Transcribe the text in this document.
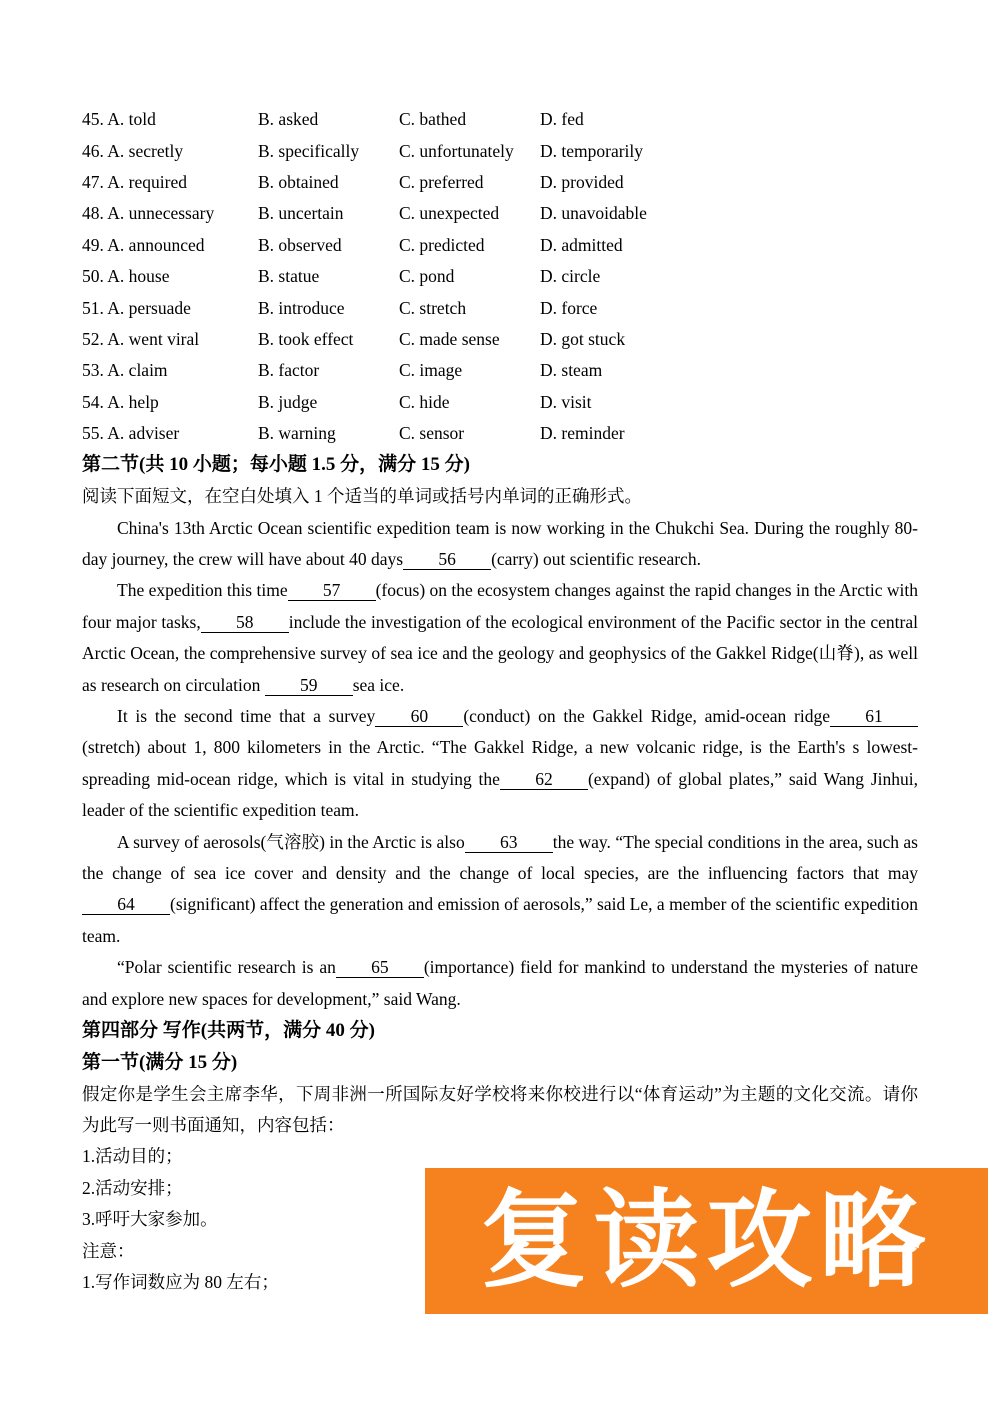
45. A. told	B. asked	C. bathed	D. fed
46. A. secretly	B. specifically	C. unfortunately	D. temporarily
47. A. required	B. obtained	C. preferred	D. provided
48. A. unnecessary	B. uncertain	C. unexpected	D. unavoidable
49. A. announced	B. observed	C. predicted	D. admitted
50. A. house	B. statue	C. pond	D. circle
51. A. persuade	B. introduce	C. stretch	D. force
52. A. went viral	B. took effect	C. made sense	D. got stuck
53. A. claim	B. factor	C. image	D. steam
54. A. help	B. judge	C. hide	D. visit
55. A. adviser	B. warning	C. sensor	D. reminder
第二节(共 10 小题；每小题 1.5 分，满分 15 分)
阅读下面短文，在空白处填入 1 个适当的单词或括号内单词的正确形式。

China's 13th Arctic Ocean scientific expedition team is now working in the Chukchi Sea. During the roughly 80-day journey, the crew will have about 40 days 56 (carry) out scientific research.

The expedition this time 57 (focus) on the ecosystem changes against the rapid changes in the Arctic with four major tasks, 58 include the investigation of the ecological environment of the Pacific sector in the central Arctic Ocean, the comprehensive survey of sea ice and the geology and geophysics of the Gakkel Ridge(山脊), as well as research on circulation 59 sea ice.

It is the second time that a survey 60 (conduct) on the Gakkel Ridge, amid-ocean ridge 61(stretch) about 1, 800 kilometers in the Arctic. “The Gakkel Ridge, a new volcanic ridge, is the Earth's s lowest-spreading mid-ocean ridge, which is vital in studying the 62 (expand) of global plates,” said Wang Jinhui, leader of the scientific expedition team.

A survey of aerosols(气溶胶) in the Arctic is also 63 the way. “The special conditions in the area, such as the change of sea ice cover and density and the change of local species, are the influencing factors that may 64 (significant) affect the generation and emission of aerosols,” said Le, a member of the scientific expedition team.

“Polar scientific research is an 65 (importance) field for mankind to understand the mysteries of nature and explore new spaces for development,” said Wang.

第四部分 写作(共两节，满分 40 分)
第一节(满分 15 分)

假定你是学生会主席李华，下周非洲一所国际友好学校将来你校进行以“体育运动”为主题的文化交流。请你为此写一则书面通知，内容包括：

1.活动目的；
2.活动安排；
3.呼吁大家参加。
注意：
1.写作词数应为 80 左右；	复读攻略
